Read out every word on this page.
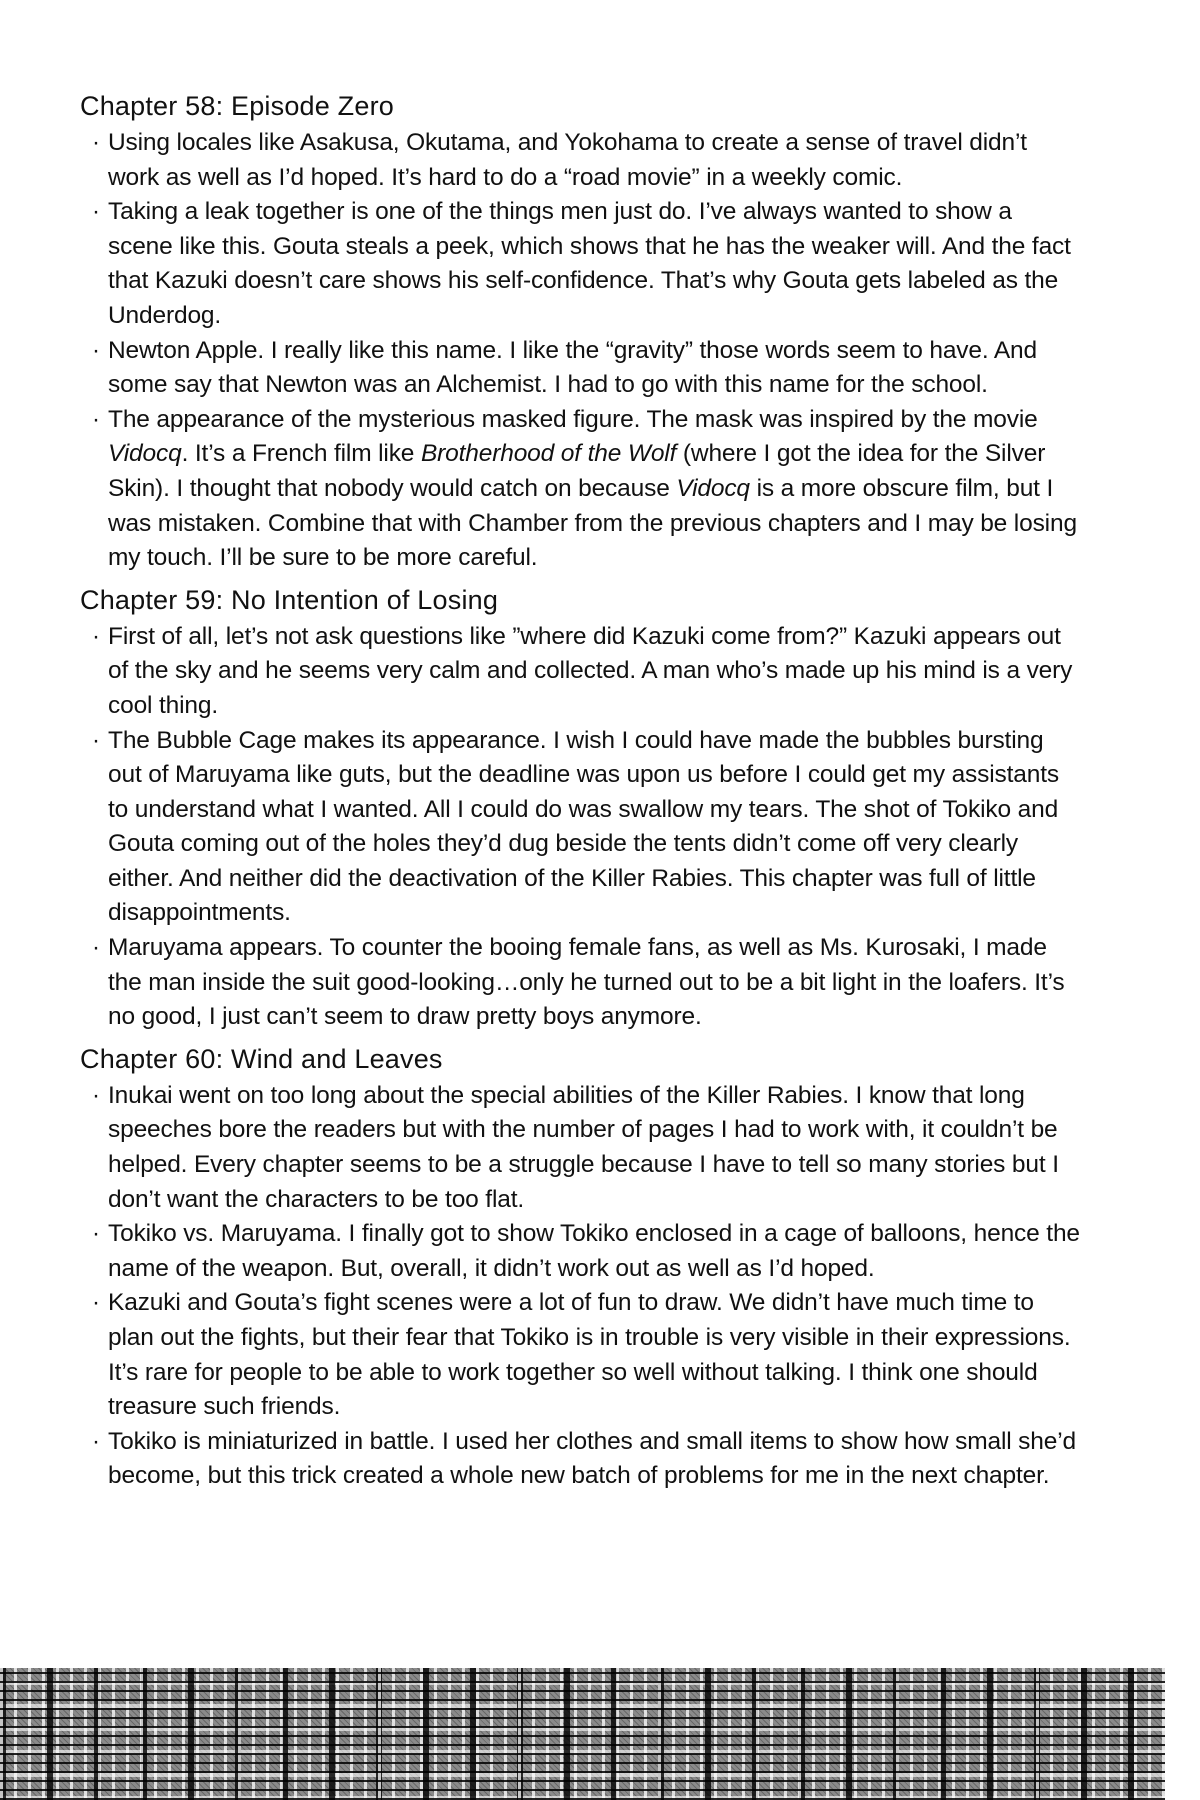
Chapter 58: Episode Zero
· Using locales like Asakusa, Okutama, and Yokohama to create a sense of travel didn’t work as well as I’d hoped. It’s hard to do a “road movie” in a weekly comic.
· Taking a leak together is one of the things men just do. I’ve always wanted to show a scene like this. Gouta steals a peek, which shows that he has the weaker will. And the fact that Kazuki doesn’t care shows his self-confidence. That’s why Gouta gets labeled as the Underdog.
· Newton Apple. I really like this name. I like the “gravity” those words seem to have. And some say that Newton was an Alchemist. I had to go with this name for the school.
· The appearance of the mysterious masked figure. The mask was inspired by the movie Vidocq. It’s a French film like Brotherhood of the Wolf (where I got the idea for the Silver Skin). I thought that nobody would catch on because Vidocq is a more obscure film, but I was mistaken. Combine that with Chamber from the previous chapters and I may be losing my touch. I’ll be sure to be more careful.
Chapter 59: No Intention of Losing
· First of all, let’s not ask questions like ”where did Kazuki come from?” Kazuki appears out of the sky and he seems very calm and collected. A man who’s made up his mind is a very cool thing.
· The Bubble Cage makes its appearance. I wish I could have made the bubbles bursting out of Maruyama like guts, but the deadline was upon us before I could get my assistants to understand what I wanted. All I could do was swallow my tears. The shot of Tokiko and Gouta coming out of the holes they’d dug beside the tents didn’t come off very clearly either. And neither did the deactivation of the Killer Rabies. This chapter was full of little disappointments.
· Maruyama appears. To counter the booing female fans, as well as Ms. Kurosaki, I made the man inside the suit good-looking…only he turned out to be a bit light in the loafers. It’s no good, I just can’t seem to draw pretty boys anymore.
Chapter 60: Wind and Leaves
· Inukai went on too long about the special abilities of the Killer Rabies. I know that long speeches bore the readers but with the number of pages I had to work with, it couldn’t be helped. Every chapter seems to be a struggle because I have to tell so many stories but I don’t want the characters to be too flat.
· Tokiko vs. Maruyama. I finally got to show Tokiko enclosed in a cage of balloons, hence the name of the weapon. But, overall, it didn’t work out as well as I’d hoped.
· Kazuki and Gouta’s fight scenes were a lot of fun to draw. We didn’t have much time to plan out the fights, but their fear that Tokiko is in trouble is very visible in their expressions. It’s rare for people to be able to work together so well without talking. I think one should treasure such friends.
· Tokiko is miniaturized in battle. I used her clothes and small items to show how small she’d become, but this trick created a whole new batch of problems for me in the next chapter.
